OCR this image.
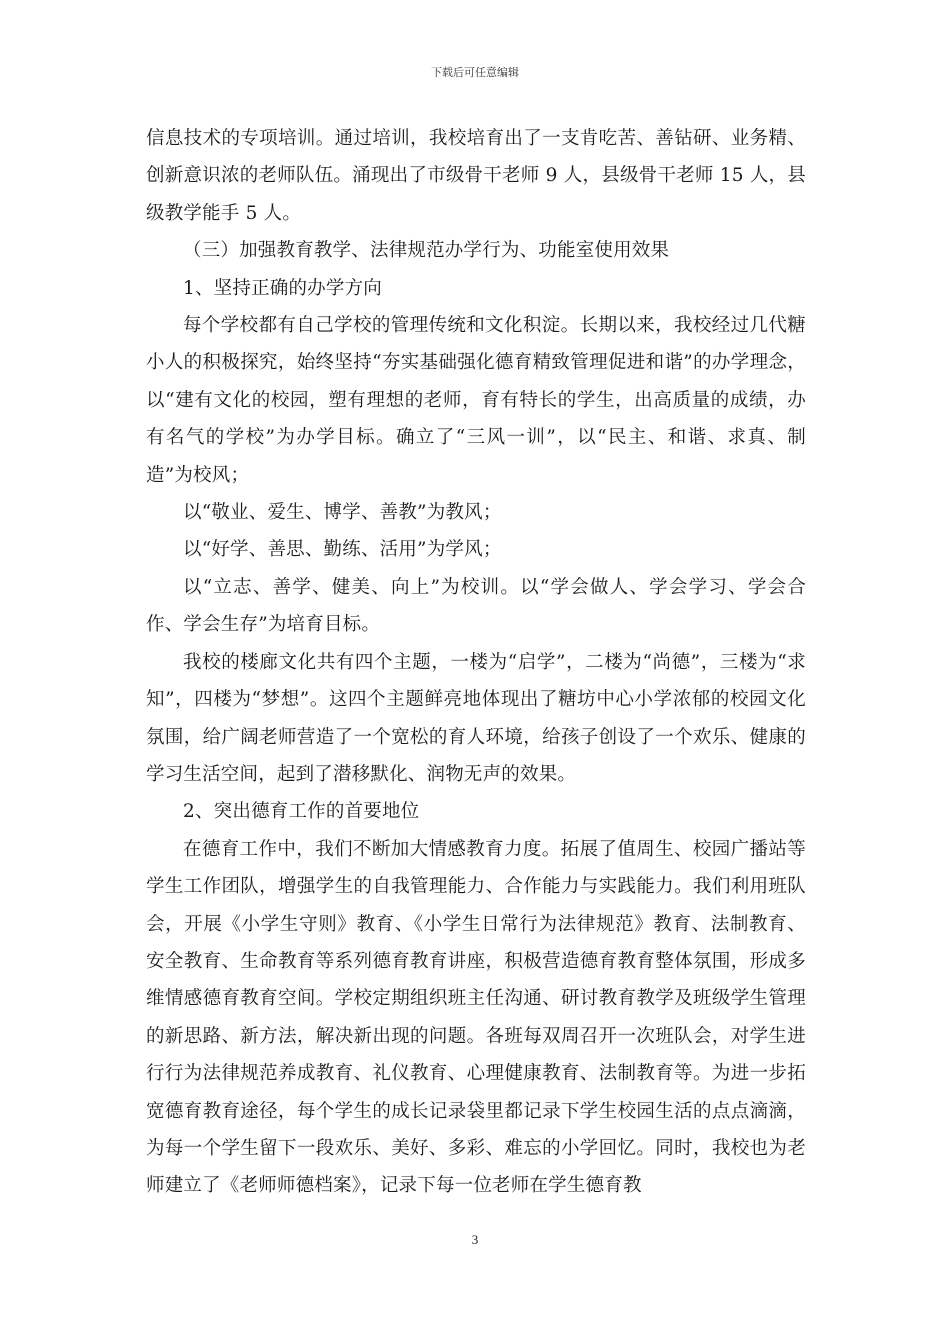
下载后可任意编辑

信息技术的专项培训。通过培训，我校培育出了一支肯吃苦、善钻研、业务精、创新意识浓的老师队伍。涌现出了市级骨干老师 9 人，县级骨干老师 15 人，县级教学能手 5 人。

（三）加强教育教学、法律规范办学行为、功能室使用效果

1、坚持正确的办学方向

每个学校都有自己学校的管理传统和文化积淀。长期以来，我校经过几代糖小人的积极探究，始终坚持“夯实基础强化德育精致管理促进和谐”的办学理念，以“建有文化的校园，塑有理想的老师，育有特长的学生，出高质量的成绩，办有名气的学校”为办学目标。确立了“三风一训”，以“民主、和谐、求真、制造”为校风；

以“敬业、爱生、博学、善教”为教风；

以“好学、善思、勤练、活用”为学风；

以“立志、善学、健美、向上”为校训。以“学会做人、学会学习、学会合作、学会生存”为培育目标。

我校的楼廊文化共有四个主题，一楼为“启学”，二楼为“尚德”，三楼为“求知”，四楼为“梦想”。这四个主题鲜亮地体现出了糖坊中心小学浓郁的校园文化氛围，给广阔老师营造了一个宽松的育人环境，给孩子创设了一个欢乐、健康的学习生活空间，起到了潜移默化、润物无声的效果。

2、突出德育工作的首要地位

在德育工作中，我们不断加大情感教育力度。拓展了值周生、校园广播站等学生工作团队，增强学生的自我管理能力、合作能力与实践能力。我们利用班队会，开展《小学生守则》教育、《小学生日常行为法律规范》教育、法制教育、安全教育、生命教育等系列德育教育讲座，积极营造德育教育整体氛围，形成多维情感德育教育空间。学校定期组织班主任沟通、研讨教育教学及班级学生管理的新思路、新方法，解决新出现的问题。各班每双周召开一次班队会，对学生进行行为法律规范养成教育、礼仪教育、心理健康教育、法制教育等。为进一步拓宽德育教育途径，每个学生的成长记录袋里都记录下学生校园生活的点点滴滴，为每一个学生留下一段欢乐、美好、多彩、难忘的小学回忆。同时，我校也为老师建立了《老师师德档案》，记录下每一位老师在学生德育教

3
